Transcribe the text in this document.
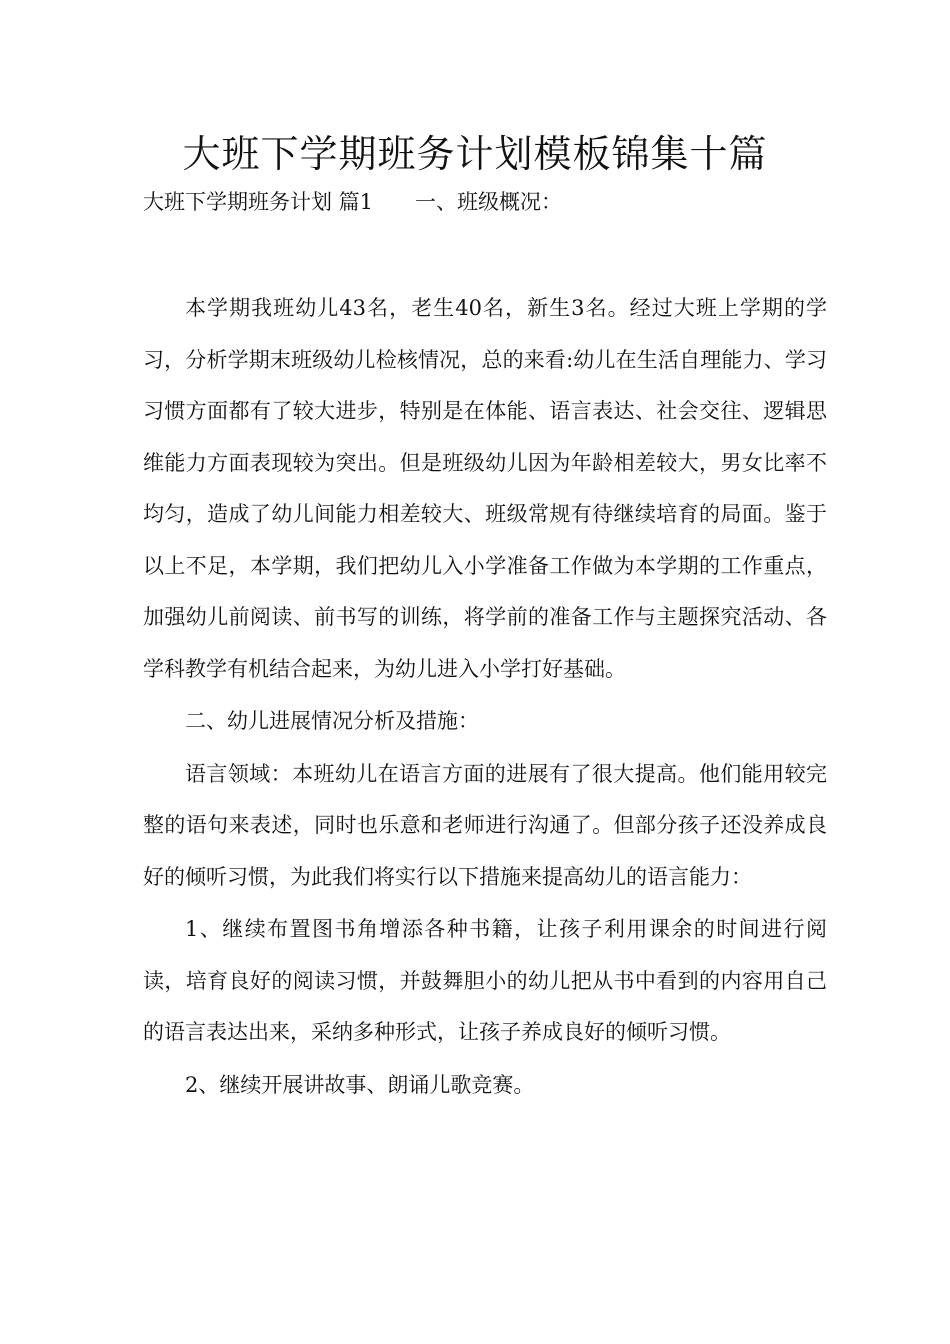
大班下学期班务计划模板锦集十篇
大班下学期班务计划 篇1 一、班级概况：

本学期我班幼儿43名，老生40名，新生3名。经过大班上学期的学习，分析学期末班级幼儿检核情况，总的来看:幼儿在生活自理能力、学习习惯方面都有了较大进步，特别是在体能、语言表达、社会交往、逻辑思维能力方面表现较为突出。但是班级幼儿因为年龄相差较大，男女比率不均匀，造成了幼儿间能力相差较大、班级常规有待继续培育的局面。鉴于以上不足，本学期，我们把幼儿入小学准备工作做为本学期的工作重点，加强幼儿前阅读、前书写的训练，将学前的准备工作与主题探究活动、各学科教学有机结合起来，为幼儿进入小学打好基础。

二、幼儿进展情况分析及措施：

语言领域：本班幼儿在语言方面的进展有了很大提高。他们能用较完整的语句来表述，同时也乐意和老师进行沟通了。但部分孩子还没养成良好的倾听习惯，为此我们将实行以下措施来提高幼儿的语言能力：

1、继续布置图书角增添各种书籍，让孩子利用课余的时间进行阅读，培育良好的阅读习惯，并鼓舞胆小的幼儿把从书中看到的内容用自己的语言表达出来，采纳多种形式，让孩子养成良好的倾听习惯。

2、继续开展讲故事、朗诵儿歌竞赛。
